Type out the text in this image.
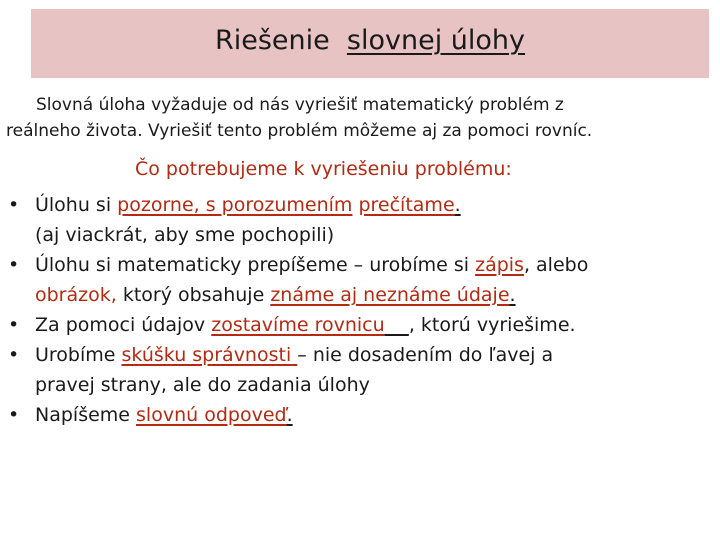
Riešenie  slovnej úlohy
Slovná úloha vyžaduje od nás vyriešiť matematický problém z
reálneho života. Vyriešiť tento problém môžeme aj za pomoci rovníc.
Čo potrebujeme k vyriešeniu problému:
• Úlohu si pozorne, s porozumením prečítame.
(aj viackrát, aby sme pochopili)
• Úlohu si matematicky prepíšeme – urobíme si zápis, alebo
obrázok, ktorý obsahuje známe aj neznáme údaje.
• Za pomoci údajov zostavíme rovnicu , ktorú vyriešime.
• Urobíme skúšku správnosti – nie dosadením do ľavej a
pravej strany, ale do zadania úlohy
• Napíšeme slovnú odpoveď.
